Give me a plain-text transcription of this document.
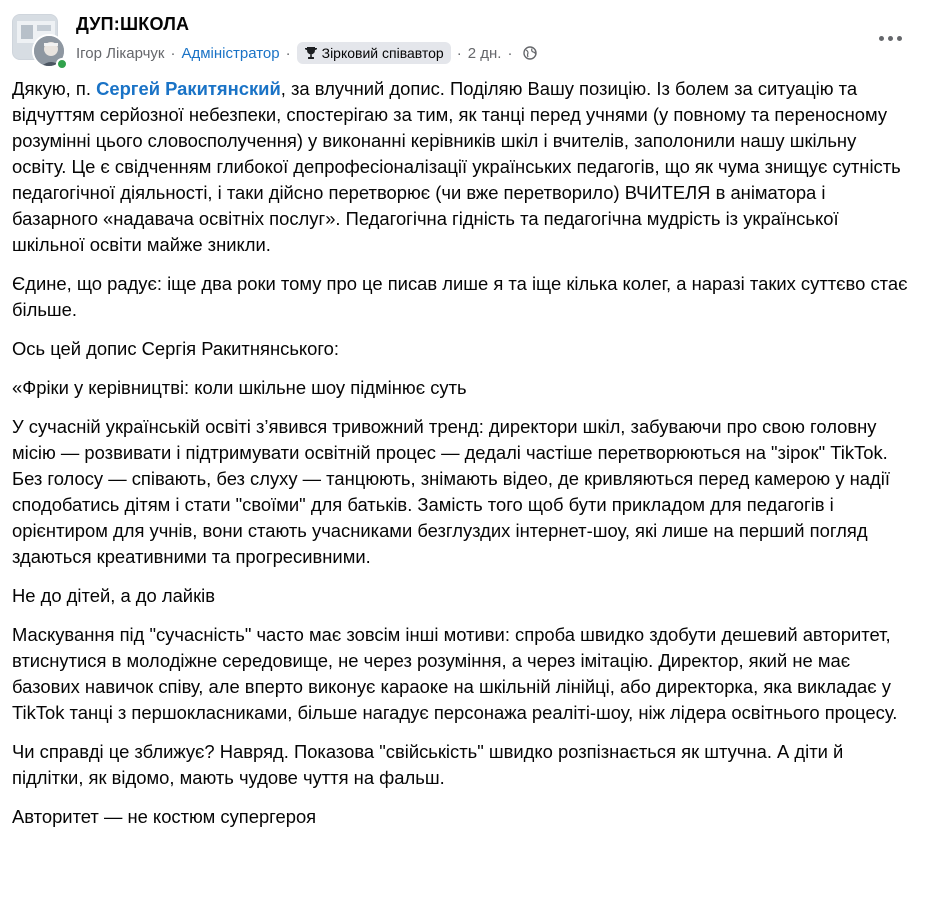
ДУП:ШКОЛА
Ігор Лікарчук · Адміністратор · Зірковий співавтор · 2 дн. ·

Дякую, п. Сергей Ракитянский, за влучний допис. Поділяю Вашу позицію. Із болем за ситуацію та відчуттям серйозної небезпеки, спостерігаю за тим, як танці перед учнями (у повному та переносному розумінні цього словосполучення) у виконанні керівників шкіл і вчителів, заполонили нашу шкільну освіту. Це є свідченням глибокої депрофесіоналізації українських педагогів, що як чума знищує сутність педагогічної діяльності, і таки дійсно перетворює (чи вже перетворило) ВЧИТЕЛЯ в аніматора і базарного «надавача освітніх послуг». Педагогічна гідність та педагогічна мудрість із української шкільної освіти майже зникли.

Єдине, що радує: іще два роки тому про це писав лише я та іще кілька колег, а наразі таких суттєво стає більше.

Ось цей допис Сергія Ракитнянського:

«Фріки у керівництві: коли шкільне шоу підмінює суть

У сучасній українській освіті з’явився тривожний тренд: директори шкіл, забуваючи про свою головну місію — розвивати і підтримувати освітній процес — дедалі частіше перетворюються на "зірок" TikTok. Без голосу — співають, без слуху — танцюють, знімають відео, де кривляються перед камерою у надії сподобатись дітям і стати "своїми" для батьків. Замість того щоб бути прикладом для педагогів і орієнтиром для учнів, вони стають учасниками безглуздих інтернет-шоу, які лише на перший погляд здаються креативними та прогресивними.

Не до дітей, а до лайків

Маскування під "сучасність" часто має зовсім інші мотиви: спроба швидко здобути дешевий авторитет, втиснутися в молодіжне середовище, не через розуміння, а через імітацію. Директор, який не має базових навичок співу, але вперто виконує караоке на шкільній лінійці, або директорка, яка викладає у TikTok танці з першокласниками, більше нагадує персонажа реаліті-шоу, ніж лідера освітнього процесу.

Чи справді це зближує? Навряд. Показова "свійськість" швидко розпізнається як штучна. А діти й підлітки, як відомо, мають чудове чуття на фальш.

Авторитет — не костюм супергероя
